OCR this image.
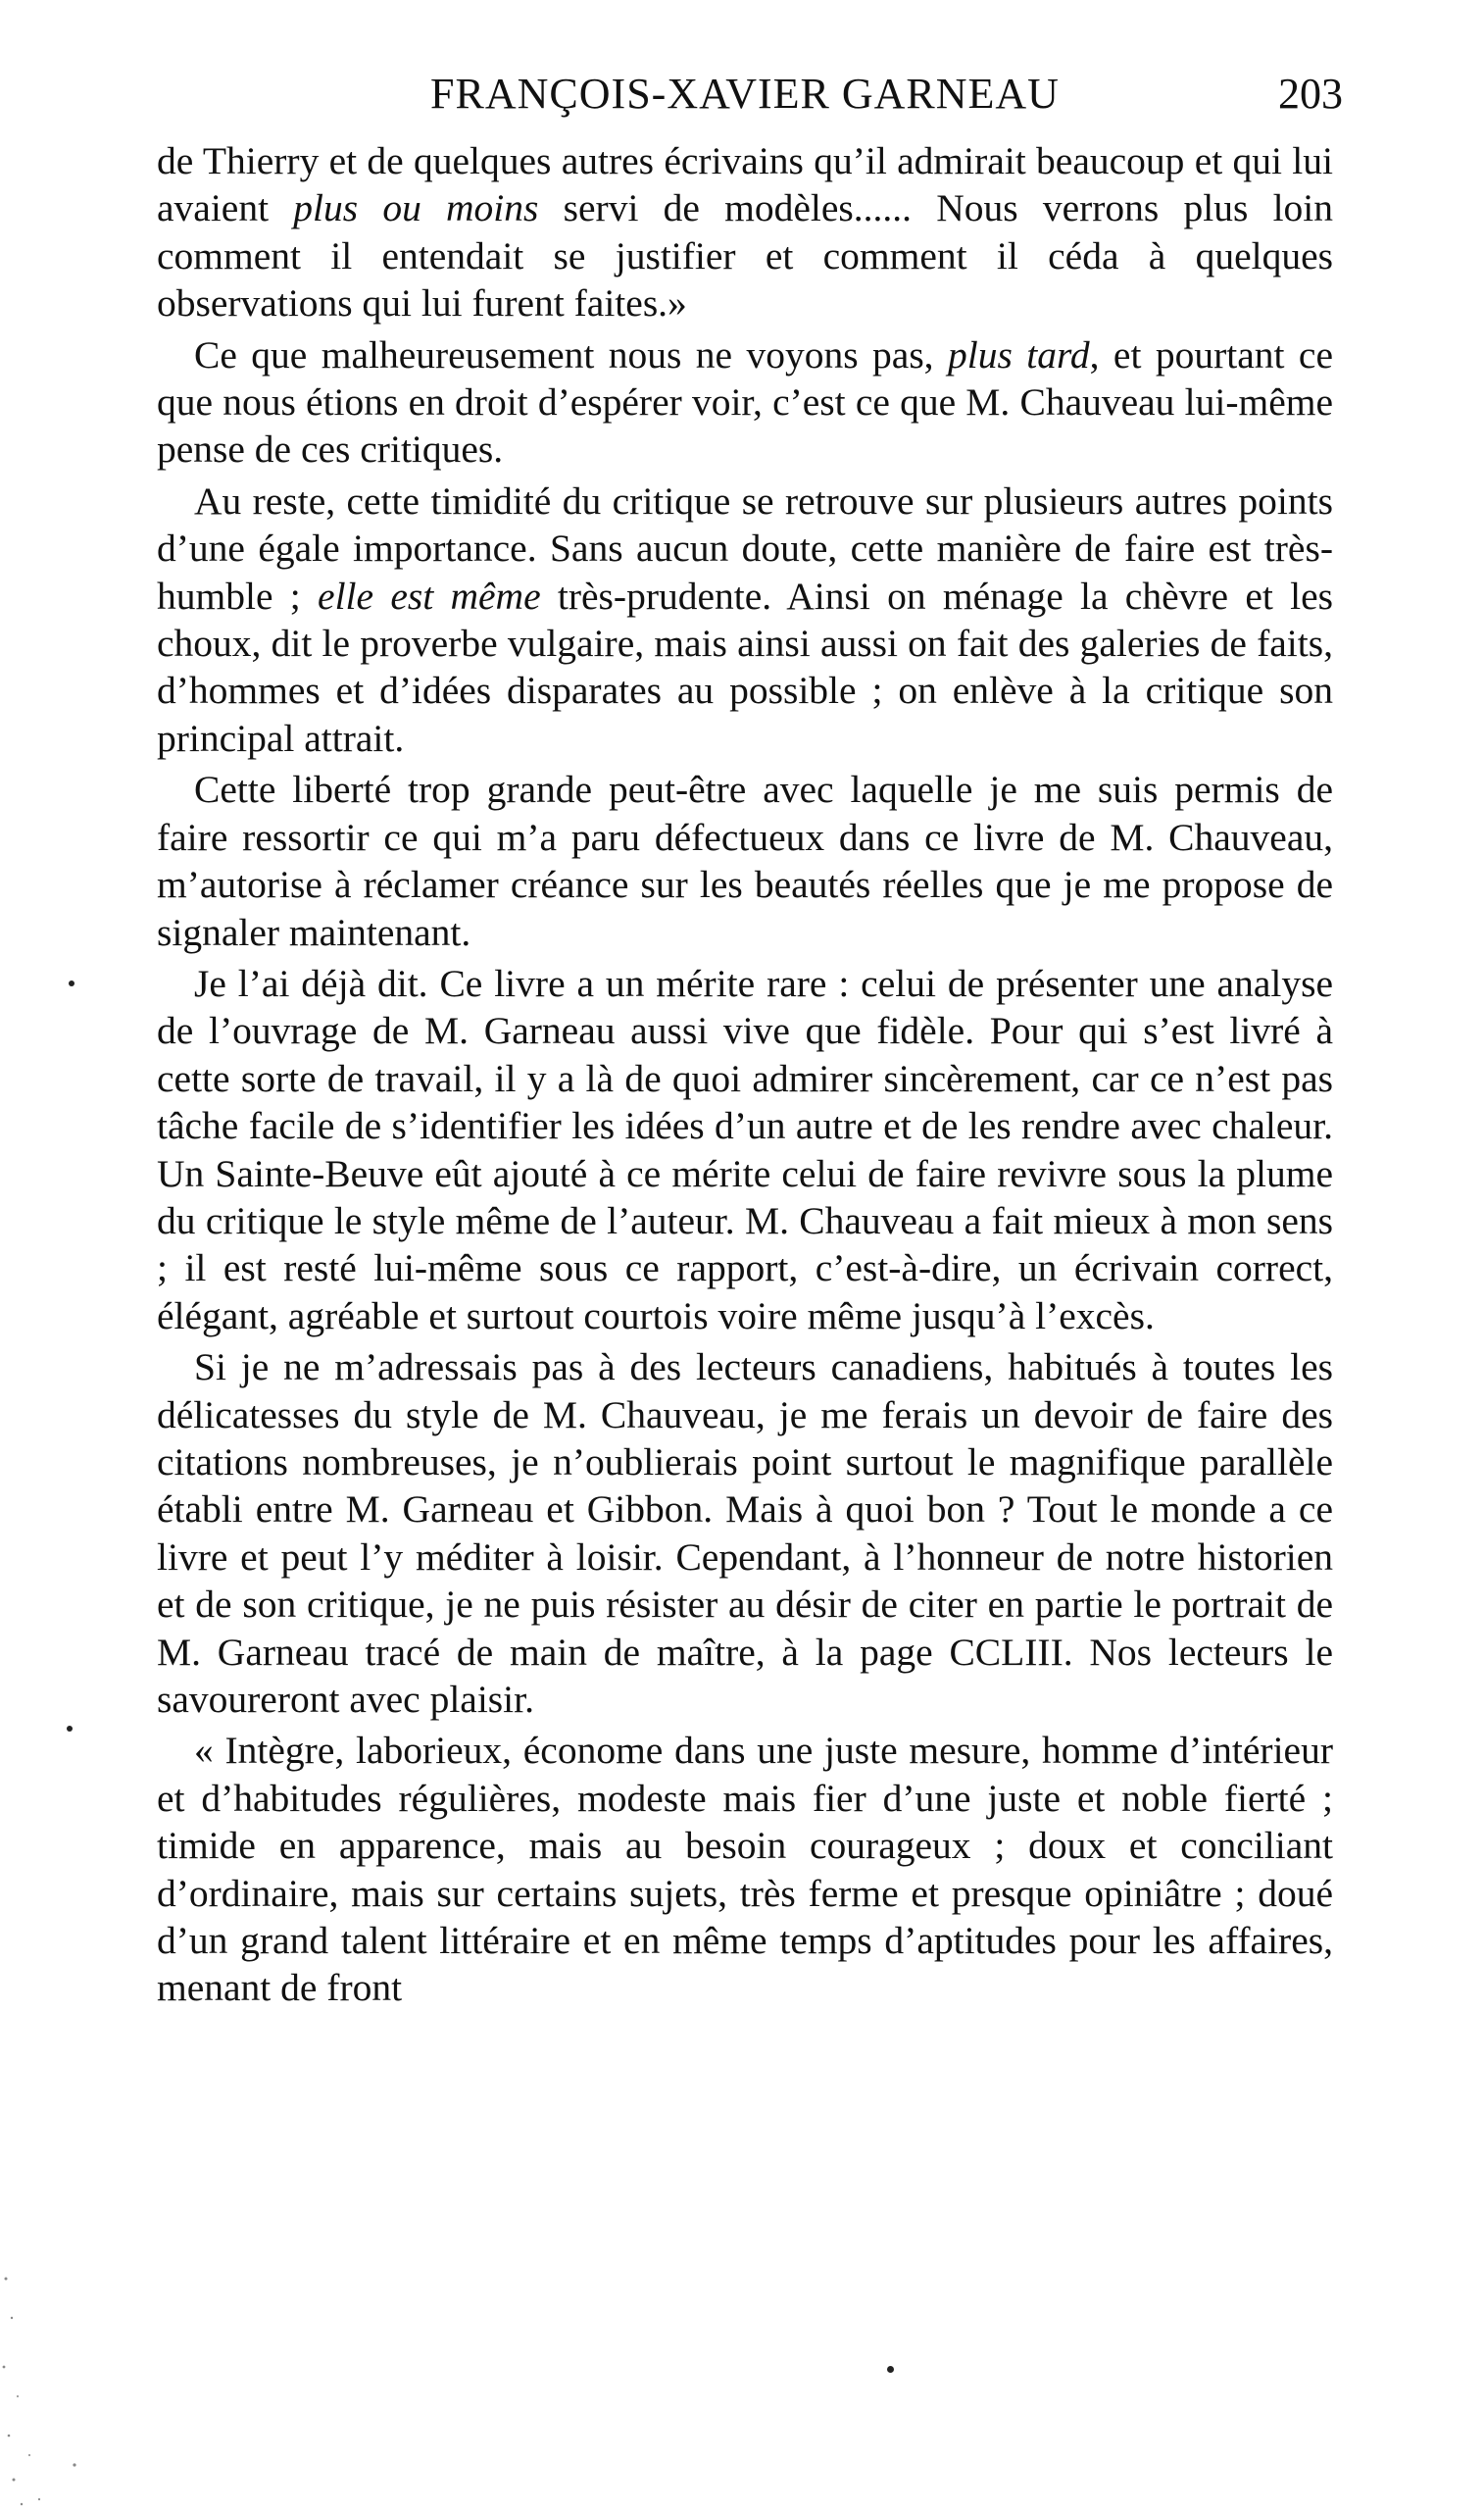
FRANÇOIS-XAVIER GARNEAU	203

de Thierry et de quelques autres écrivains qu’il admirait beaucoup et qui lui avaient plus ou moins servi de modèles...... Nous verrons plus loin comment il entendait se justifier et comment il céda à quelques observations qui lui furent faites.»

Ce que malheureusement nous ne voyons pas, plus tard, et pourtant ce que nous étions en droit d’espérer voir, c’est ce que M. Chauveau lui-même pense de ces critiques.

Au reste, cette timidité du critique se retrouve sur plusieurs autres points d’une égale importance. Sans aucun doute, cette manière de faire est très-humble ; elle est même très-prudente. Ainsi on ménage la chèvre et les choux, dit le proverbe vulgaire, mais ainsi aussi on fait des galeries de faits, d’hommes et d’idées disparates au possible ; on enlève à la critique son principal attrait.

Cette liberté trop grande peut-être avec laquelle je me suis permis de faire ressortir ce qui m’a paru défectueux dans ce livre de M. Chauveau, m’autorise à réclamer créance sur les beautés réelles que je me propose de signaler maintenant.

Je l’ai déjà dit. Ce livre a un mérite rare : celui de présenter une analyse de l’ouvrage de M. Garneau aussi vive que fidèle. Pour qui s’est livré à cette sorte de travail, il y a là de quoi admirer sincèrement, car ce n’est pas tâche facile de s’identifier les idées d’un autre et de les rendre avec chaleur. Un Sainte-Beuve eût ajouté à ce mérite celui de faire revivre sous la plume du critique le style même de l’auteur. M. Chauveau a fait mieux à mon sens ; il est resté lui-même sous ce rapport, c’est-à-dire, un écrivain correct, élégant, agréable et surtout courtois voire même jusqu’à l’excès.

Si je ne m’adressais pas à des lecteurs canadiens, habitués à toutes les délicatesses du style de M. Chauveau, je me ferais un devoir de faire des citations nombreuses, je n’oublierais point surtout le magnifique parallèle établi entre M. Garneau et Gibbon. Mais à quoi bon ? Tout le monde a ce livre et peut l’y méditer à loisir. Cependant, à l’honneur de notre historien et de son critique, je ne puis résister au désir de citer en partie le portrait de M. Garneau tracé de main de maître, à la page CCLIII. Nos lecteurs le savoureront avec plaisir.

« Intègre, laborieux, économe dans une juste mesure, homme d’intérieur et d’habitudes régulières, modeste mais fier d’une juste et noble fierté ; timide en apparence, mais au besoin courageux ; doux et conciliant d’ordinaire, mais sur certains sujets, très ferme et presque opiniâtre ; doué d’un grand talent littéraire et en même temps d’aptitudes pour les affaires, menant de front
